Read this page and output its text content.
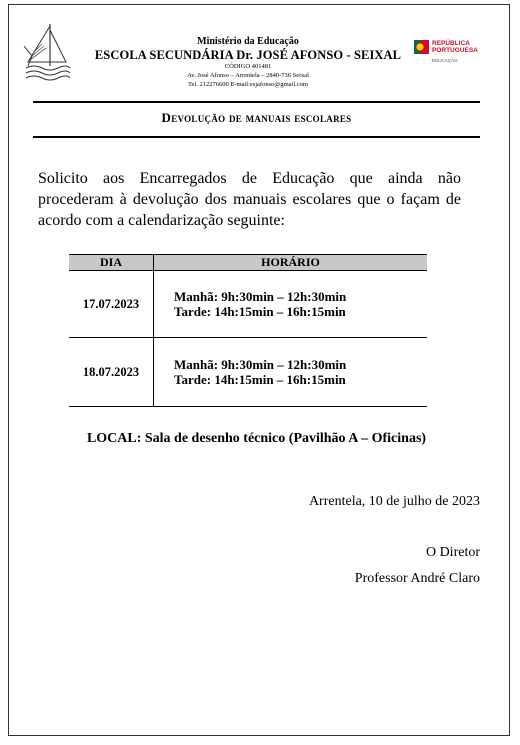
Ministério da Educação
ESCOLA SECUNDÁRIA Dr. JOSÉ AFONSO - SEIXAL
CÓDIGO 401481
Av. José Afonso – Arrentela – 2840-736 Seixal
Tel. 212276600 E-mail:esjafonso@gmail.com
REPÚBLICA
PORTUGUESA
EDUCAÇÃO
Devolução de manuais escolares
Solicito aos Encarregados de Educação que ainda não procederam à devolução dos manuais escolares que o façam de acordo com a calendarização seguinte:
DIA	HORÁRIO
17.07.2023	Manhã: 9h:30min – 12h:30min
Tarde: 14h:15min – 16h:15min

18.07.2023	Manhã: 9h:30min – 12h:30min
Tarde: 14h:15min – 16h:15min
LOCAL: Sala de desenho técnico (Pavilhão A – Oficinas)
Arrentela, 10 de julho de 2023
O Diretor
Professor André Claro
